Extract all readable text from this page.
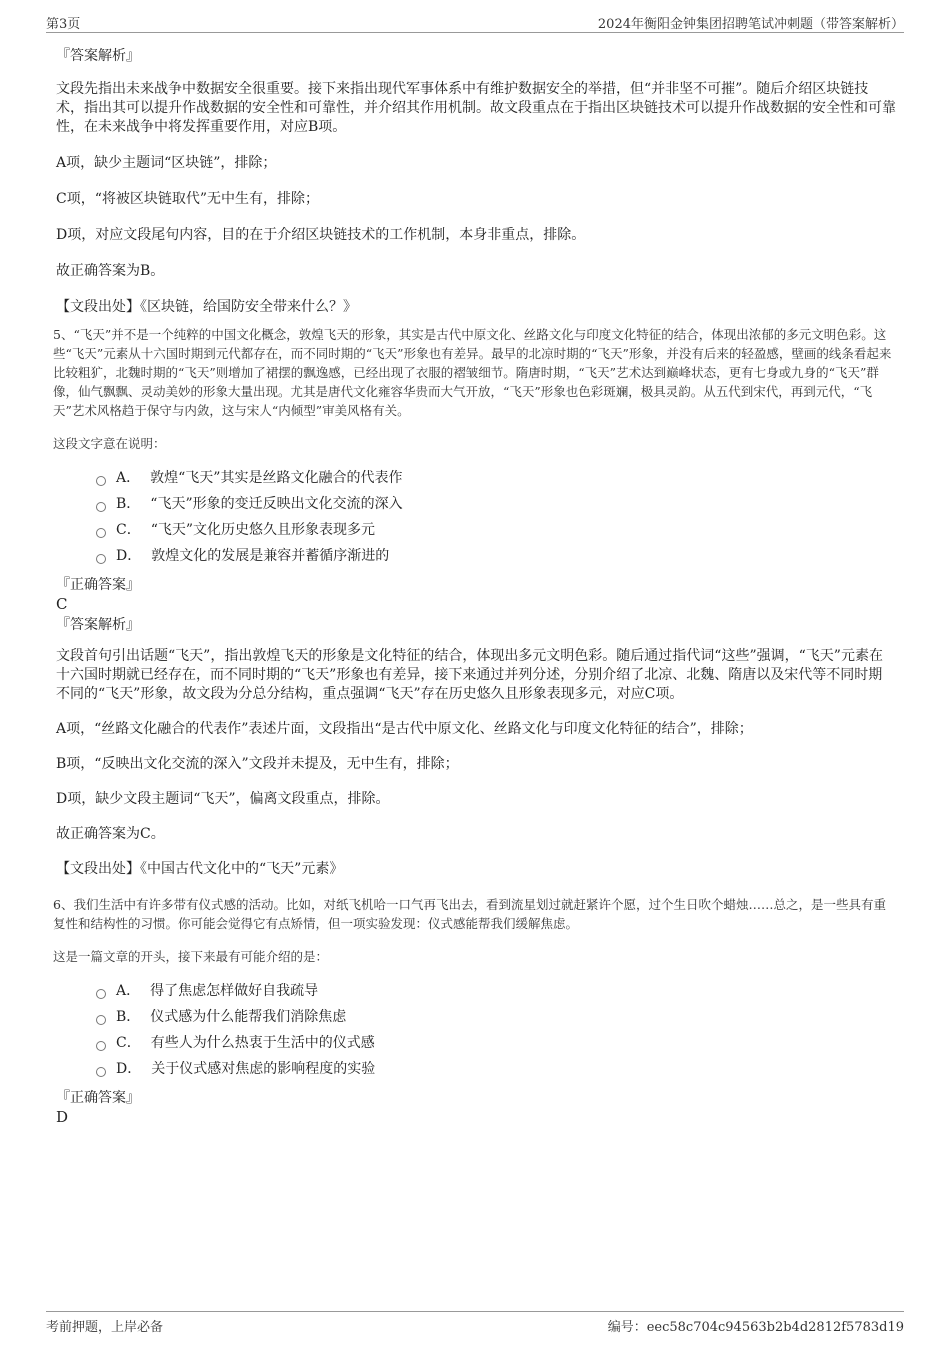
第3页	2024年衡阳金钟集团招聘笔试冲刺题（带答案解析）

『答案解析』

文段先指出未来战争中数据安全很重要。接下来指出现代军事体系中有维护数据安全的举措，但“并非坚不可摧”。随后介绍区块链技术，指出其可以提升作战数据的安全性和可靠性，并介绍其作用机制。故文段重点在于指出区块链技术可以提升作战数据的安全性和可靠性，在未来战争中将发挥重要作用，对应B项。

A项，缺少主题词“区块链”，排除；

C项，“将被区块链取代”无中生有，排除；

D项，对应文段尾句内容，目的在于介绍区块链技术的工作机制，本身非重点，排除。

故正确答案为B。

【文段出处】《区块链，给国防安全带来什么？》

5、“飞天”并不是一个纯粹的中国文化概念，敦煌飞天的形象，其实是古代中原文化、丝路文化与印度文化特征的结合，体现出浓郁的多元文明色彩。这些“飞天”元素从十六国时期到元代都存在，而不同时期的“飞天”形象也有差异。最早的北凉时期的“飞天”形象，并没有后来的轻盈感，壁画的线条看起来比较粗犷，北魏时期的“飞天”则增加了裙摆的飘逸感，已经出现了衣服的褶皱细节。隋唐时期，“飞天”艺术达到巅峰状态，更有七身或九身的“飞天”群像，仙气飘飘、灵动美妙的形象大量出现。尤其是唐代文化雍容华贵而大气开放，“飞天”形象也色彩斑斓，极具灵韵。从五代到宋代，再到元代，“飞天”艺术风格趋于保守与内敛，这与宋人“内倾型”审美风格有关。

这段文字意在说明：

A． 敦煌“飞天”其实是丝路文化融合的代表作
B． “飞天”形象的变迁反映出文化交流的深入
C． “飞天”文化历史悠久且形象表现多元
D． 敦煌文化的发展是兼容并蓄循序渐进的

『正确答案』

C

『答案解析』

文段首句引出话题“飞天”，指出敦煌飞天的形象是文化特征的结合，体现出多元文明色彩。随后通过指代词“这些”强调，“飞天”元素在十六国时期就已经存在，而不同时期的“飞天”形象也有差异，接下来通过并列分述，分别介绍了北凉、北魏、隋唐以及宋代等不同时期不同的“飞天”形象，故文段为分总分结构，重点强调“飞天”存在历史悠久且形象表现多元，对应C项。

A项，“丝路文化融合的代表作”表述片面，文段指出“是古代中原文化、丝路文化与印度文化特征的结合”，排除；

B项，“反映出文化交流的深入”文段并未提及，无中生有，排除；

D项，缺少文段主题词“飞天”，偏离文段重点，排除。

故正确答案为C。

【文段出处】《中国古代文化中的“飞天”元素》

6、我们生活中有许多带有仪式感的活动。比如，对纸飞机哈一口气再飞出去，看到流星划过就赶紧许个愿，过个生日吹个蜡烛……总之，是一些具有重复性和结构性的习惯。你可能会觉得它有点矫情，但一项实验发现：仪式感能帮我们缓解焦虑。

这是一篇文章的开头，接下来最有可能介绍的是：

A． 得了焦虑怎样做好自我疏导
B． 仪式感为什么能帮我们消除焦虑
C． 有些人为什么热衷于生活中的仪式感
D． 关于仪式感对焦虑的影响程度的实验

『正确答案』

D

考前押题，上岸必备	编号：eec58c704c94563b2b4d2812f5783d19
